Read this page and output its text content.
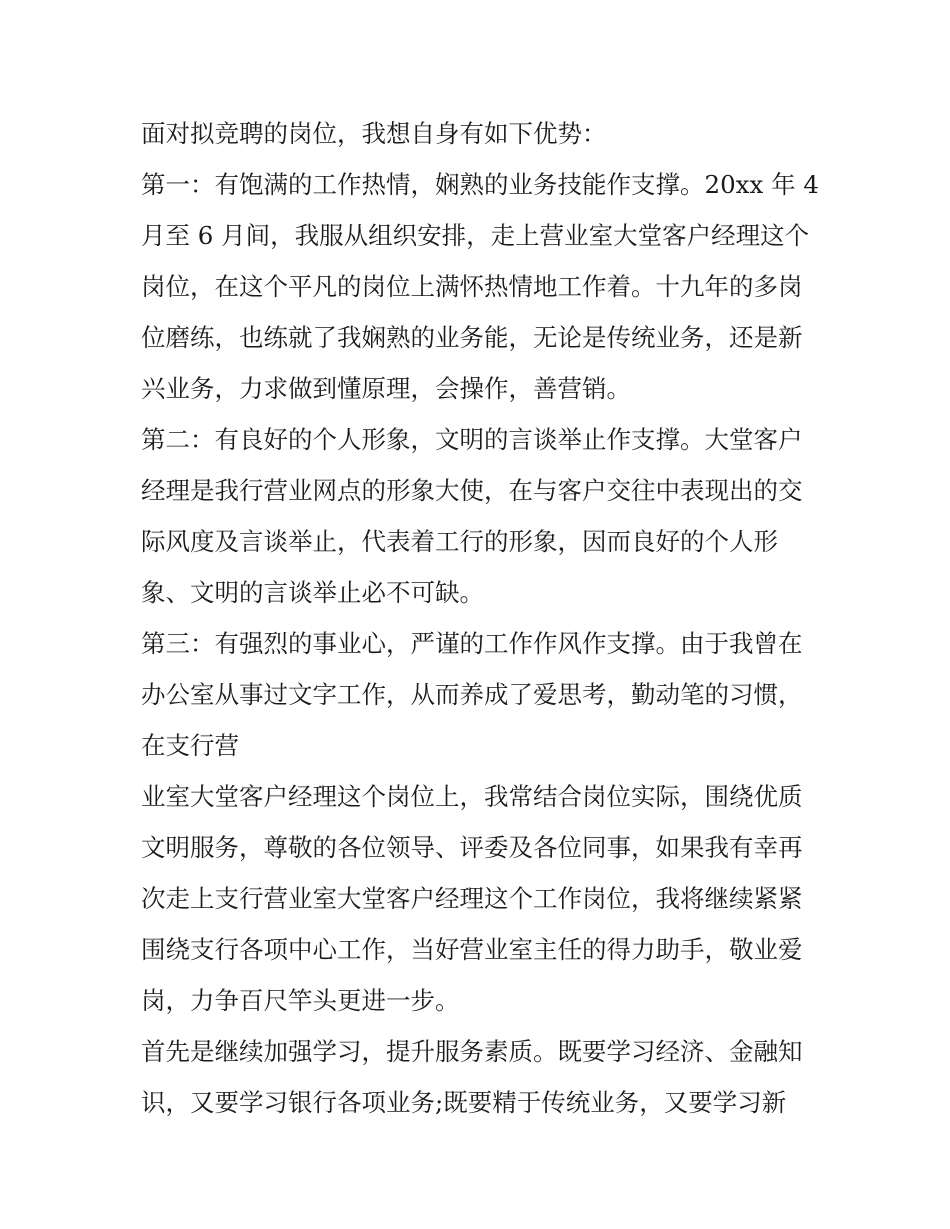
面对拟竞聘的岗位，我想自身有如下优势：
第一：有饱满的工作热情，娴熟的业务技能作支撑。20xx 年 4
月至 6 月间，我服从组织安排，走上营业室大堂客户经理这个
岗位，在这个平凡的岗位上满怀热情地工作着。十九年的多岗
位磨练，也练就了我娴熟的业务能，无论是传统业务，还是新
兴业务，力求做到懂原理，会操作，善营销。
第二：有良好的个人形象，文明的言谈举止作支撑。大堂客户
经理是我行营业网点的形象大使，在与客户交往中表现出的交
际风度及言谈举止，代表着工行的形象，因而良好的个人形
象、文明的言谈举止必不可缺。
第三：有强烈的事业心，严谨的工作作风作支撑。由于我曾在
办公室从事过文字工作，从而养成了爱思考，勤动笔的习惯，
在支行营
业室大堂客户经理这个岗位上，我常结合岗位实际，围绕优质
文明服务，尊敬的各位领导、评委及各位同事，如果我有幸再
次走上支行营业室大堂客户经理这个工作岗位，我将继续紧紧
围绕支行各项中心工作，当好营业室主任的得力助手，敬业爱
岗，力争百尺竿头更进一步。
首先是继续加强学习，提升服务素质。既要学习经济、金融知
识，又要学习银行各项业务;既要精于传统业务，又要学习新
